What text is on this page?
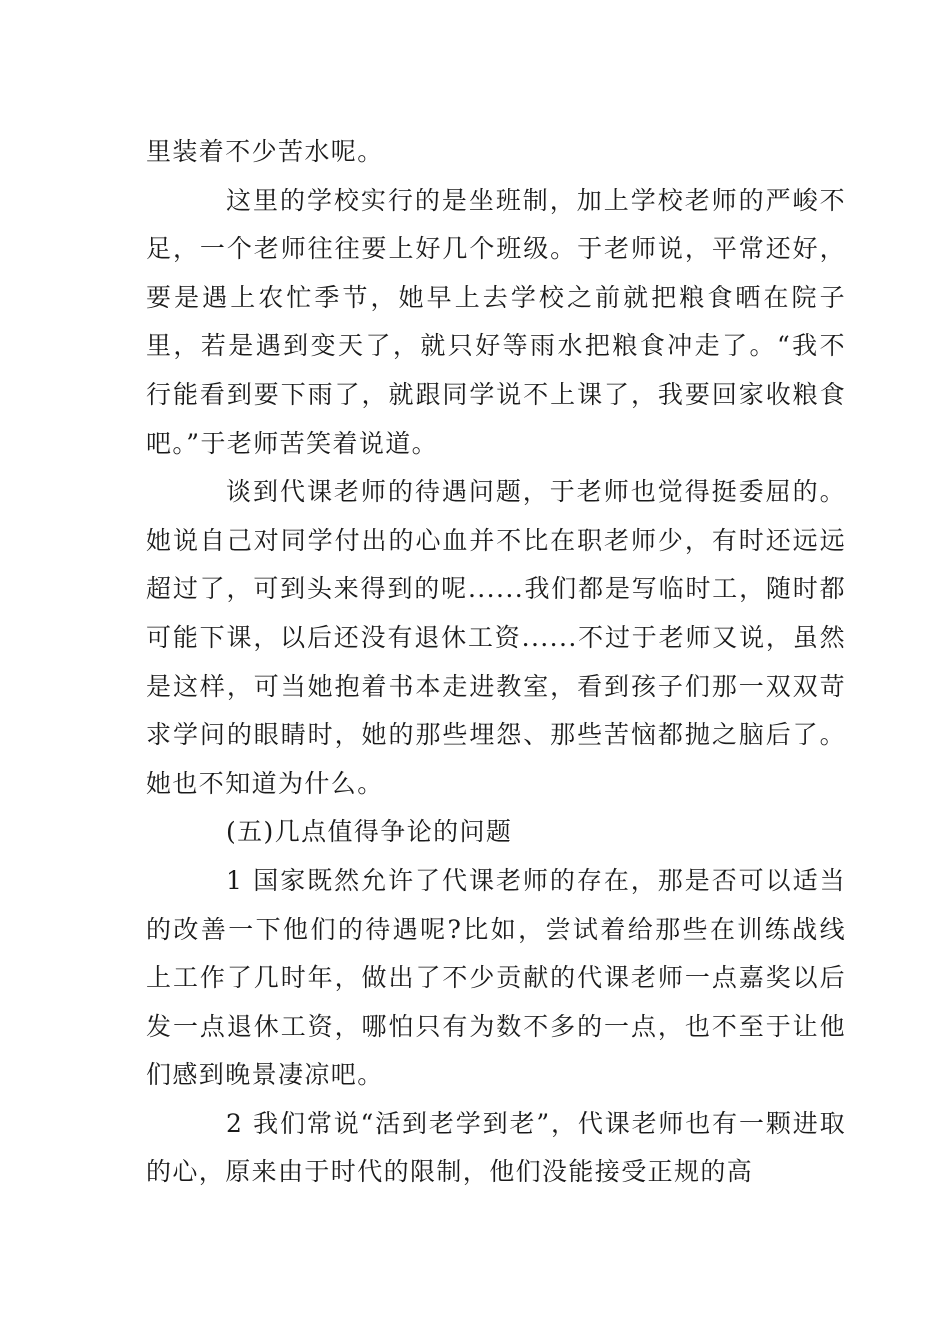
里装着不少苦水呢。

这里的学校实行的是坐班制，加上学校老师的严峻不足，一个老师往往要上好几个班级。于老师说，平常还好，要是遇上农忙季节，她早上去学校之前就把粮食晒在院子里，若是遇到变天了，就只好等雨水把粮食冲走了。“我不行能看到要下雨了，就跟同学说不上课了，我要回家收粮食吧。”于老师苦笑着说道。

谈到代课老师的待遇问题，于老师也觉得挺委屈的。她说自己对同学付出的心血并不比在职老师少，有时还远远超过了，可到头来得到的呢......我们都是写临时工，随时都可能下课，以后还没有退休工资......不过于老师又说，虽然是这样，可当她抱着书本走进教室，看到孩子们那一双双苛求学问的眼睛时，她的那些埋怨、那些苦恼都抛之脑后了。她也不知道为什么。

(五)几点值得争论的问题

1 国家既然允许了代课老师的存在，那是否可以适当的改善一下他们的待遇呢?比如，尝试着给那些在训练战线上工作了几时年，做出了不少贡献的代课老师一点嘉奖以后发一点退休工资，哪怕只有为数不多的一点，也不至于让他们感到晚景凄凉吧。

2 我们常说“活到老学到老”，代课老师也有一颗进取的心，原来由于时代的限制，他们没能接受正规的高
